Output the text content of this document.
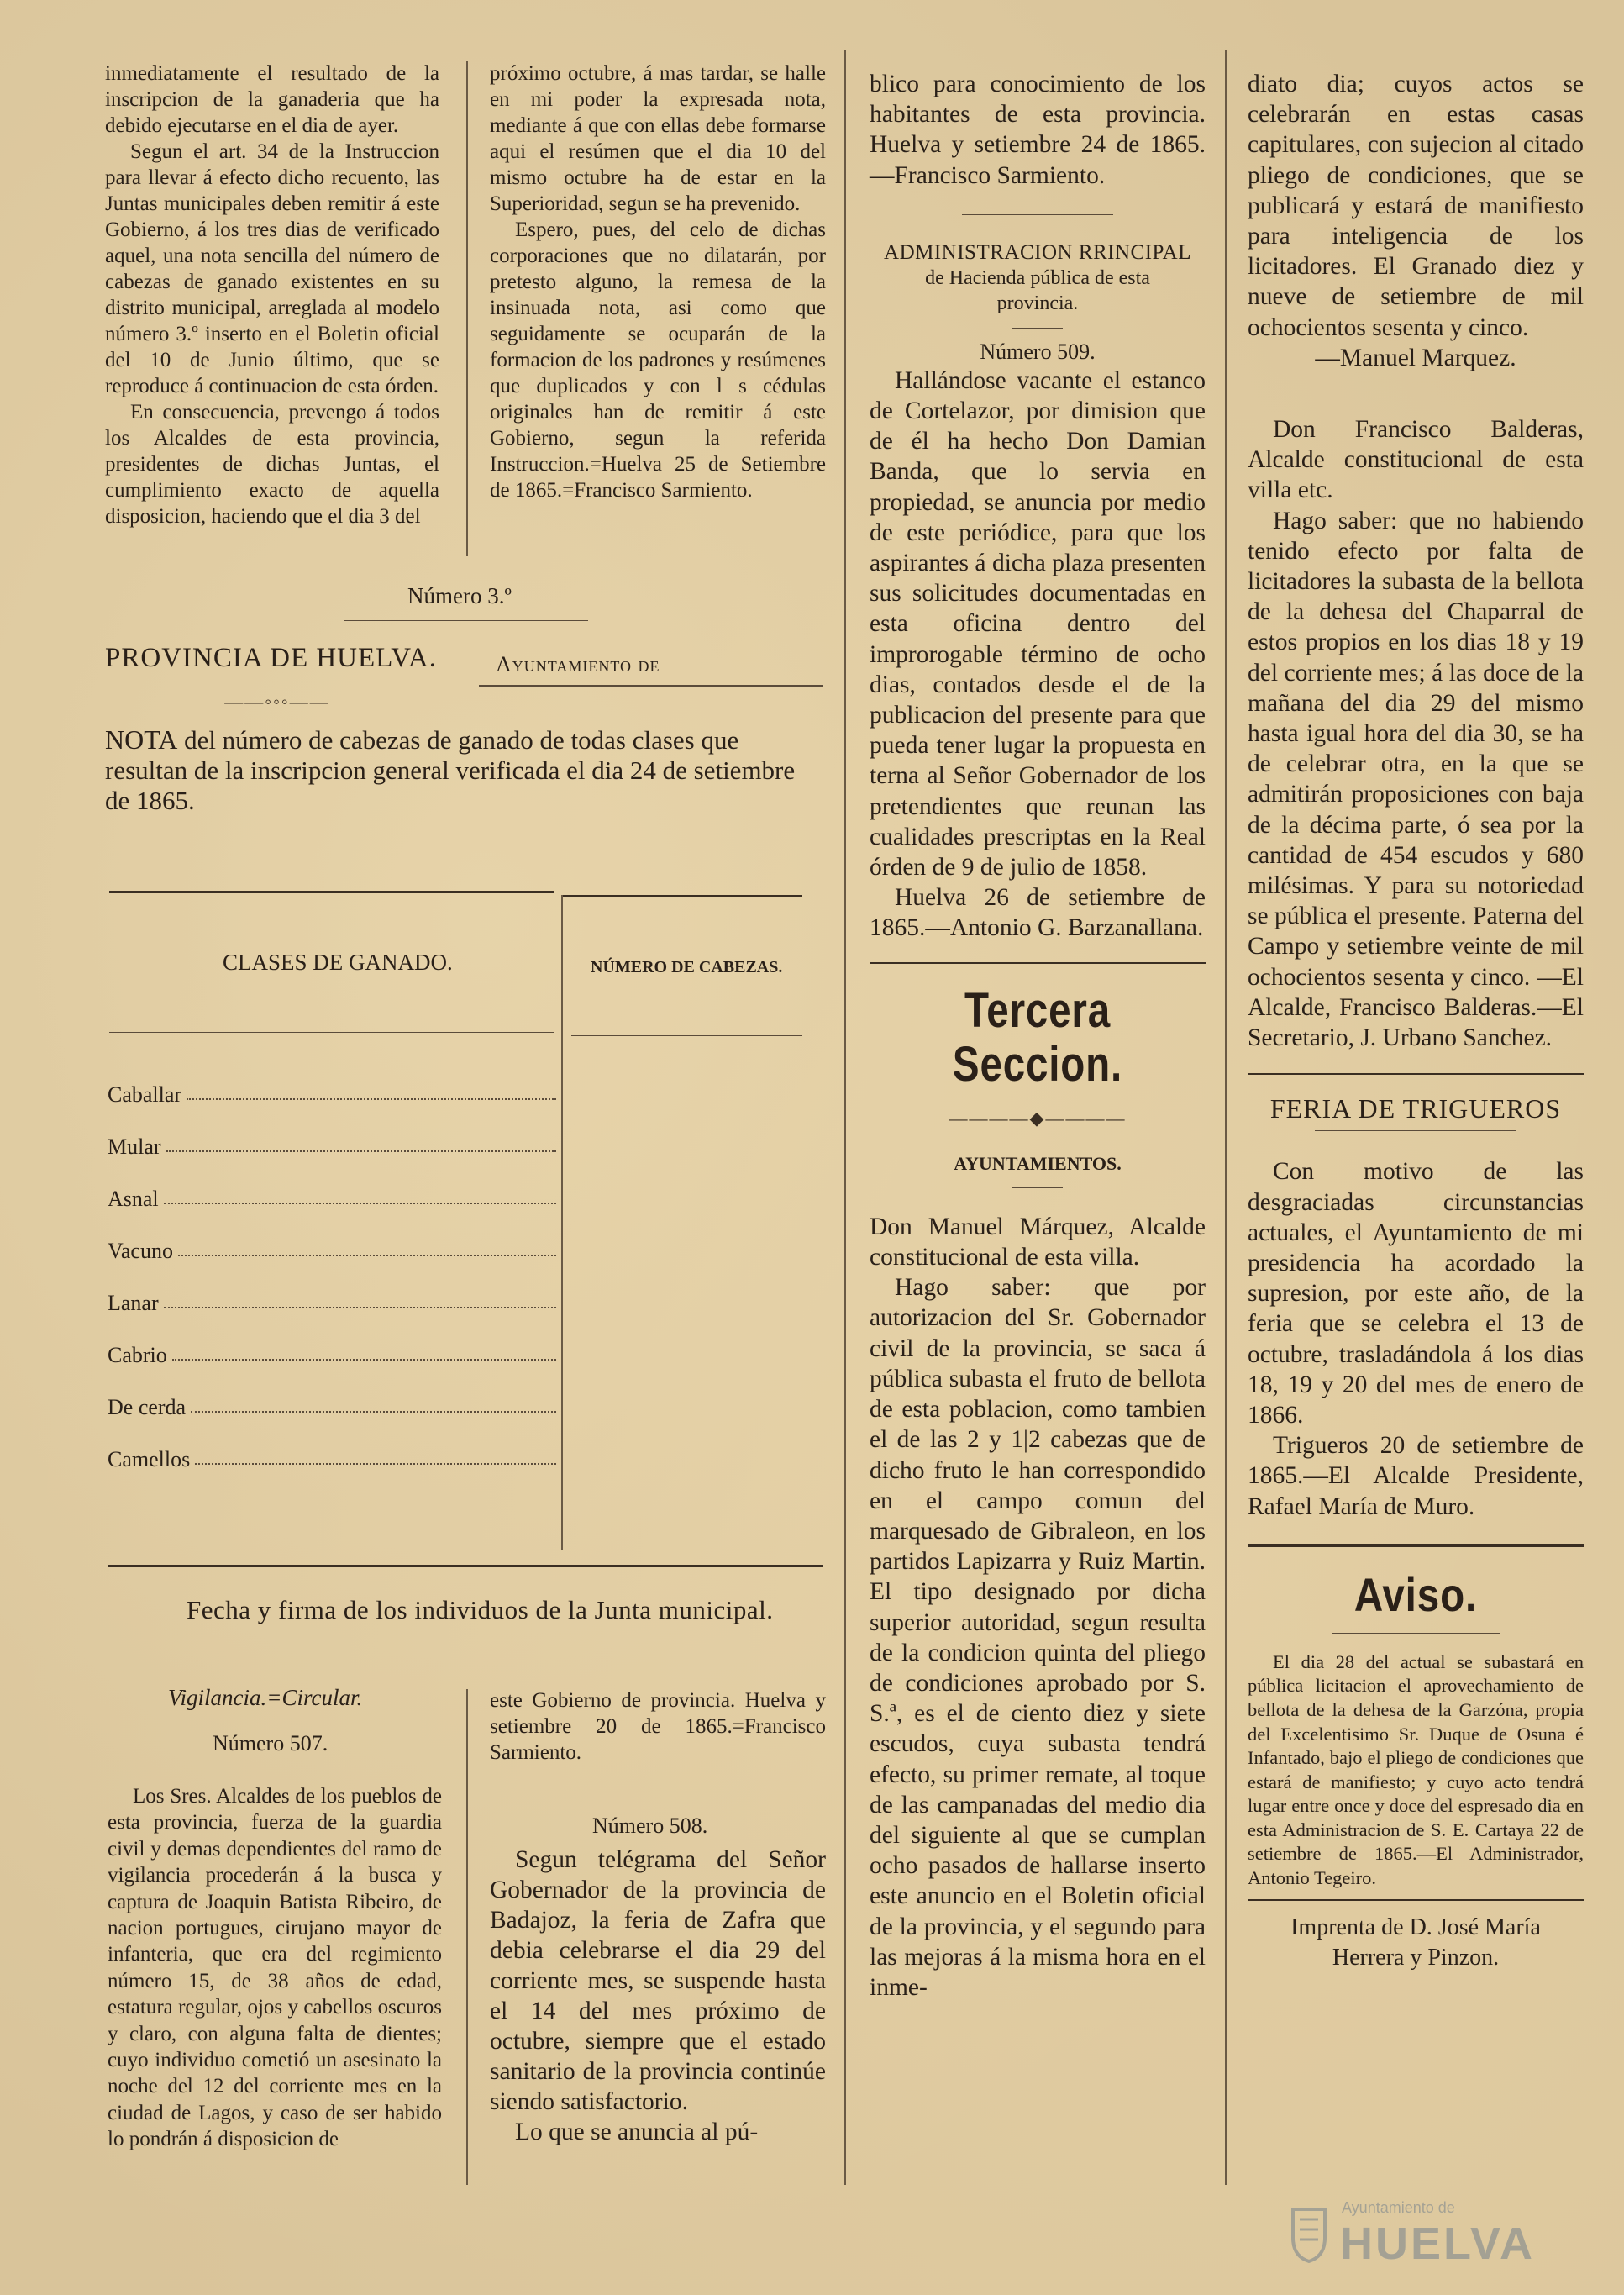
inmediatamente el resultado de la inscripcion de la ganaderia que ha debido ejecutarse en el dia de ayer.

Segun el art. 34 de la Instruccion para llevar á efecto dicho recuento, las Juntas municipales deben remitir á este Gobierno, á los tres dias de verificado aquel, una nota sencilla del número de cabezas de ganado existentes en su distrito municipal, arreglada al modelo número 3.º inserto en el Boletin oficial del 10 de Junio último, que se reproduce á continuacion de esta órden.

En consecuencia, prevengo á todos los Alcaldes de esta provincia, presidentes de dichas Juntas, el cumplimiento exacto de aquella disposicion, haciendo que el dia 3 del

próximo octubre, á mas tardar, se halle en mi poder la expresada nota, mediante á que con ellas debe formarse aqui el resúmen que el dia 10 del mismo octubre ha de estar en la Superioridad, segun se ha prevenido.

Espero, pues, del celo de dichas corporaciones que no dilatarán, por pretesto alguno, la remesa de la insinuada nota, asi como que seguidamente se ocuparán de la formacion de los padrones y resúmenes que duplicados y con l s cédulas originales han de remitir á este Gobierno, segun la referida Instruccion.=Huelva 25 de Setiembre de 1865.=Francisco Sarmiento.

Número 3.º
PROVINCIA DE HUELVA.
——◦◦◦——
Ayuntamiento de
NOTA del número de cabezas de ganado de todas clases que resultan de la inscripcion general verificada el dia 24 de setiembre de 1865.
CLASES DE GANADO.	NÚMERO DE CABEZAS.
Caballar
Mular
Asnal
Vacuno
Lanar
Cabrio
De cerda
Camellos
Fecha y firma de los individuos de la Junta municipal.
Vigilancia.=Circular.
Número 507.

Los Sres. Alcaldes de los pueblos de esta provincia, fuerza de la guardia civil y demas dependientes del ramo de vigilancia procederán á la busca y captura de Joaquin Batista Ribeiro, de nacion portugues, cirujano mayor de infanteria, que era del regimiento número 15, de 38 años de edad, estatura regular, ojos y cabellos oscuros y claro, con alguna falta de dientes; cuyo individuo cometió un asesinato la noche del 12 del corriente mes en la ciudad de Lagos, y caso de ser habido lo pondrán á disposicion de

este Gobierno de provincia. Huelva y setiembre 20 de 1865.=Francisco Sarmiento.

Número 508.

Segun telégrama del Señor Gobernador de la provincia de Badajoz, la feria de Zafra que debia celebrarse el dia 29 del corriente mes, se suspende hasta el 14 del mes próximo de octubre, siempre que el estado sanitario de la provincia continúe siendo satisfactorio.

Lo que se anuncia al pú-

blico para conocimiento de los habitantes de esta provincia. Huelva y setiembre 24 de 1865.—Francisco Sarmiento.

ADMINISTRACION RRINCIPAL
de Hacienda pública de esta provincia.
Número 509.

Hallándose vacante el estanco de Cortelazor, por dimision que de él ha hecho Don Damian Banda, que lo servia en propiedad, se anuncia por medio de este periódice, para que los aspirantes á dicha plaza presenten sus solicitudes documentadas en esta oficina dentro del improrogable término de ocho dias, contados desde el de la publicacion del presente para que pueda tener lugar la propuesta en terna al Señor Gobernador de los pretendientes que reunan las cualidades prescriptas en la Real órden de 9 de julio de 1858.

Huelva 26 de setiembre de 1865.—Antonio G. Barzanallana.

Tercera Seccion.
————◆————
AYUNTAMIENTOS.

Don Manuel Márquez, Alcalde constitucional de esta villa.

Hago saber: que por autorizacion del Sr. Gobernador civil de la provincia, se saca á pública subasta el fruto de bellota de esta poblacion, como tambien el de las 2 y 1|2 cabezas que de dicho fruto le han correspondido en el campo comun del marquesado de Gibraleon, en los partidos Lapizarra y Ruiz Martin. El tipo designado por dicha superior autoridad, segun resulta de la condicion quinta del pliego de condiciones aprobado por S. S.ª, es el de ciento diez y siete escudos, cuya subasta tendrá efecto, su primer remate, al toque de las campanadas del medio dia del siguiente al que se cumplan ocho pasados de hallarse inserto este anuncio en el Boletin oficial de la provincia, y el segundo para las mejoras á la misma hora en el inme-

diato dia; cuyos actos se celebrarán en estas casas capitulares, con sujecion al citado pliego de condiciones, que se publicará y estará de manifiesto para inteligencia de los licitadores. El Granado diez y nueve de setiembre de mil ochocientos sesenta y cinco.

—Manuel Marquez.

Don Francisco Balderas, Alcalde constitucional de esta villa etc.

Hago saber: que no habiendo tenido efecto por falta de licitadores la subasta de la bellota de la dehesa del Chaparral de estos propios en los dias 18 y 19 del corriente mes; á las doce de la mañana del dia 29 del mismo hasta igual hora del dia 30, se ha de celebrar otra, en la que se admitirán proposiciones con baja de la décima parte, ó sea por la cantidad de 454 escudos y 680 milésimas. Y para su notoriedad se pública el presente. Paterna del Campo y setiembre veinte de mil ochocientos sesenta y cinco. —El Alcalde, Francisco Balderas.—El Secretario, J. Urbano Sanchez.

FERIA DE TRIGUEROS

Con motivo de las desgraciadas circunstancias actuales, el Ayuntamiento de mi presidencia ha acordado la supresion, por este año, de la feria que se celebra el 13 de octubre, trasladándola á los dias 18, 19 y 20 del mes de enero de 1866.

Trigueros 20 de setiembre de 1865.—El Alcalde Presidente, Rafael María de Muro.

Aviso.

El dia 28 del actual se subastará en pública licitacion el aprovechamiento de bellota de la dehesa de la Garzóna, propia del Excelentisimo Sr. Duque de Osuna é Infantado, bajo el pliego de condiciones que estará de manifiesto; y cuyo acto tendrá lugar entre once y doce del espresado dia en esta Administracion de S. E. Cartaya 22 de setiembre de 1865.—El Administrador, Antonio Tegeiro.

Imprenta de D. José María Herrera y Pinzon.

Ayuntamiento de
HUELVA
